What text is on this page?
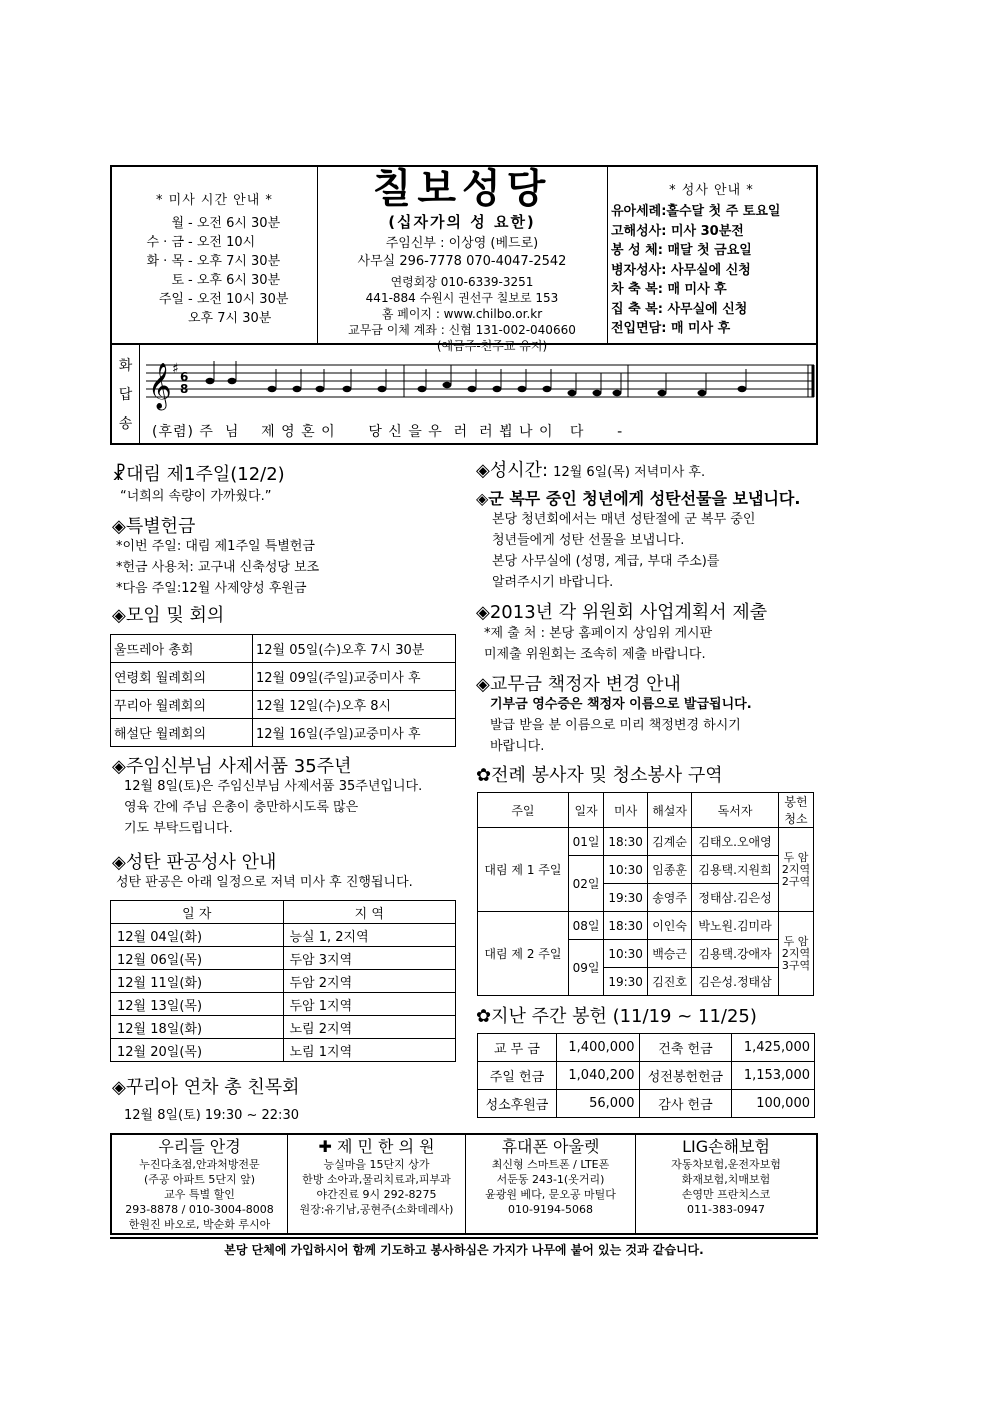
* 미사 시간 안내 *
월 - 오전 6시 30분
수 · 금 - 오전 10시
화 · 목 - 오후 7시 30분
토 - 오후 6시 30분
주일 - 오전 10시 30분
오후 7시 30분
칠보성당
(십자가의 성 요한)
주임신부 : 이상영 (베드로)
사무실 296-7778 070-4047-2542
연령회장 010-6339-3251
441-884 수원시 권선구 칠보로 153
홈 페이지 : www.chilbo.or.kr
교무금 이체 계좌 : 신협 131-002-040660
(예금주-천주교 유지)
* 성사 안내 *
유아세례:홀수달 첫 주 토요일
고해성사: 미사 30분전
봉 성 체: 매달 첫 금요일
병자성사: 사무실에 신청
차 축 복: 매 미사 후
집 축 복: 사무실에 신청
전입면담: 매 미사 후
화
답
송
𝄞 ♯ 6
8
(후렴) 주  님    제 영 혼 이      당 신 을 우  러  러 뵙 나 이   다      -
☧대림 제1주일(12/2)
“너희의 속량이 가까웠다.”
◈특별헌금
*이번 주일: 대림 제1주일 특별헌금
*헌금 사용처: 교구내 신축성당 보조
*다음 주일:12월 사제양성 후원금
◈모임 및 회의
울뜨레아 총회	12월 05일(수)오후 7시 30분
연령회 월례회의	12월 09일(주일)교중미사 후
꾸리아 월례회의	12월 12일(수)오후 8시
해설단 월례회의	12월 16일(주일)교중미사 후
◈주임신부님 사제서품 35주년
12월 8일(토)은 주임신부님 사제서품 35주년입니다.
영육 간에 주님 은총이 충만하시도록 많은
기도 부탁드립니다.
◈성탄 판공성사 안내
성탄 판공은 아래 일정으로 저녁 미사 후 진행됩니다.
일 자	지 역
12월 04일(화)	능실 1, 2지역
12월 06일(목)	두암 3지역
12월 11일(화)	두암 2지역
12월 13일(목)	두암 1지역
12월 18일(화)	노림 2지역
12월 20일(목)	노림 1지역
◈꾸리아 연차 총 친목회
12월 8일(토) 19:30 ~ 22:30
◈성시간: 12월 6일(목) 저녁미사 후.
◈군 복무 중인 청년에게 성탄선물을 보냅니다.
본당 청년회에서는 매년 성탄절에 군 복무 중인
청년들에게 성탄 선물을 보냅니다.
본당 사무실에 (성명, 계급, 부대 주소)를
알려주시기 바랍니다.
◈2013년 각 위원회 사업계획서 제출
*제 출 처 : 본당 홈페이지 상임위 게시판
미제출 위원회는 조속히 제출 바랍니다.
◈교무금 책정자 변경 안내
기부금 영수증은 책정자 이름으로 발급됩니다.
발급 받을 분 이름으로 미리 책정변경 하시기
바랍니다.
✿전례 봉사자 및 청소봉사 구역
주일	일자	미사	해설자	독서자	봉헌 청소
대림 제 1 주일	01일	18:30	김계순	김태오.오애영	두 암 2지역 2구역
	02일	10:30	임종훈	김용택.지원희	
		19:30	송영주	정태삼.김은성	
대림 제 2 주일	08일	18:30	이인숙	박노원.김미라	두 암 2지역 3구역
	09일	10:30	백승근	김용택.강애자	
		19:30	김진호	김은성.정태삼	
✿지난 주간 봉헌 (11/19 ~ 11/25)
교 무 금	1,400,000	건축 헌금	1,425,000
주일 헌금	1,040,200	성전봉헌헌금	1,153,000
성소후원금	56,000	감사 헌금	100,000
우리들 안경
누진다초점,안과처방전문
(주공 아파트 5단지 앞)
교우 특별 할인
293-8878 / 010-3004-8008
한원진 바오로, 박순화 루시아
✚ 제 민 한 의 원
능실마을 15단지 상가
한방 소아과,물리치료과,피부과
야간진료 9시 292-8275
원장:유기남,공현주(소화데레사)
휴대폰 아울렛
최신형 스마트폰 / LTE폰
서둔동 243-1(옷거리)
윤광원 베다, 문오공 마틸다
010-9194-5068
LIG손해보험
자동차보험,운전자보험
화재보험,치매보험
손영만 프란치스코
011-383-0947
본당 단체에 가입하시어 함께 기도하고 봉사하심은 가지가 나무에 붙어 있는 것과 같습니다.
